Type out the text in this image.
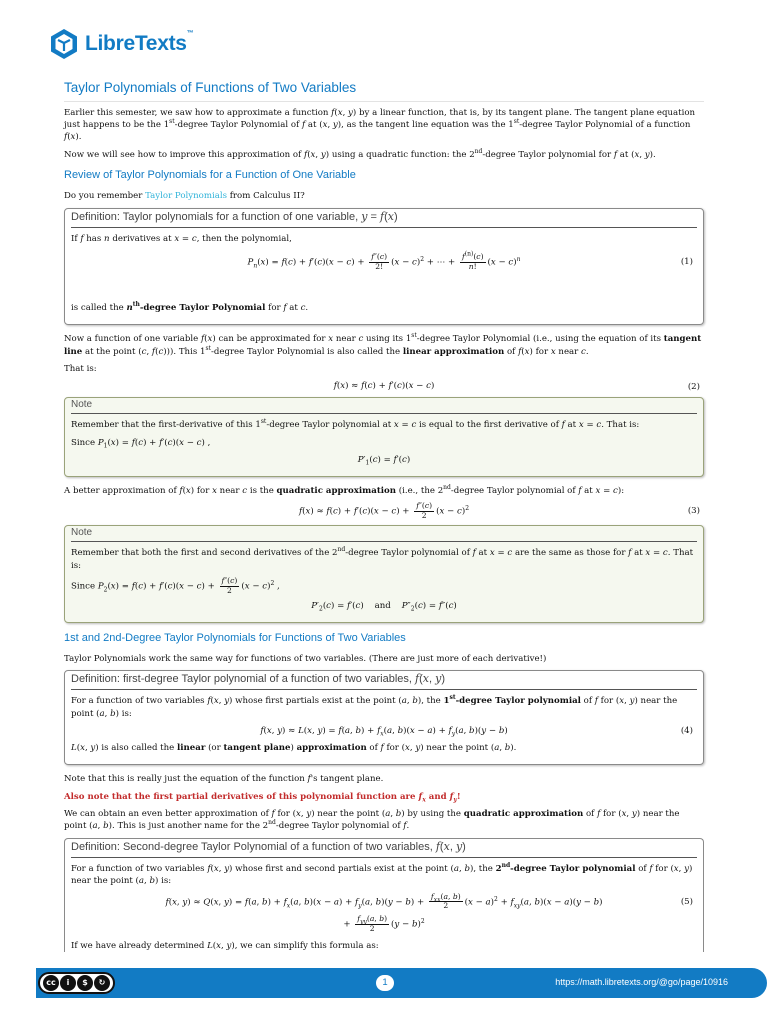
LibreTexts™
Taylor Polynomials of Functions of Two Variables

Earlier this semester, we saw how to approximate a function f(x, y) by a linear function, that is, by its tangent plane. The tangent plane equation just happens to be the 1st-degree Taylor Polynomial of f at (x, y), as the tangent line equation was the 1st-degree Taylor Polynomial of a function f(x).

Now we will see how to improve this approximation of f(x, y) using a quadratic function: the 2nd-degree Taylor polynomial for f at (x, y).

Review of Taylor Polynomials for a Function of One Variable

Do you remember Taylor Polynomials from Calculus II?

Definition: Taylor polynomials for a function of one variable, y = f(x)

If f has n derivatives at x = c, then the polynomial,

$P_n(x) = f(c) + f'(c)(x - c) + \frac{f''(c)}{2!} (x - c)^2$ + ⋯ + $\frac{f^{(n)}(c)}{n!} (x - c)^n$	(1)

is called the $n^{th}$-degree Taylor Polynomial for f at c.

Now a function of one variable f(x) can be approximated for x near c using its 1st-degree Taylor Polynomial (i.e., using the equation of its tangent line at the point (c, f(c))). This 1st-degree Taylor Polynomial is also called the linear approximation of f(x) for x near c.

That is:

f(x) ≈ f(c) + f′(c)(x − c)	(2)
Note

Remember that the first-derivative of this 1st-degree Taylor polynomial at x = c is equal to the first derivative of f at x = c. That is:

Since $P_1(x) = f(c) + f'(c)(x - c)$ ,

$P'_1(c) = f'(c)$

A better approximation of f(x) for x near c is the quadratic approximation (i.e., the 2nd-degree Taylor polynomial of f at x = c):

$f(x) \approx f(c) + f'(c)(x - c) + \frac{f''(c)}{2} (x - c)^2$	(3)
Note

Remember that both the first and second derivatives of the 2nd-degree Taylor polynomial of f at x = c are the same as those for f at x = c. That is:

Since $P_2(x) = f(c) + f'(c)(x - c) + \frac{f''(c)}{2} (x - c)^2$ ,

$P'_2(c) = f'(c)$    and $P''_2(c) = f''(c)$
1st and 2nd-Degree Taylor Polynomials for Functions of Two Variables

Taylor Polynomials work the same way for functions of two variables. (There are just more of each derivative!)

Definition: first-degree Taylor polynomial of a function of two variables, f(x, y)

For a function of two variables f(x, y) whose first partials exist at the point (a, b), the 1st-degree Taylor polynomial of f for (x, y) near the point (a, b) is:

f(x, y) ≈ L(x, y) = f(a, $b) + f_x(a$, $b)(x - a) + f_y(a$, b)(y − b)	(4)

L(x, y) is also called the linear (or tangent plane) approximation of f for (x, y) near the point (a, b).

Note that this is really just the equation of the function f's tangent plane.

Also note that the first partial derivatives of this polynomial function are $f_x$ and $f_y$!

We can obtain an even better approximation of f for (x, y) near the point (a, b) by using the quadratic approximation of f for (x, y) near the point (a, b). This is just another name for the 2nd-degree Taylor polynomial of f.

Definition: Second-degree Taylor Polynomial of a function of two variables, f(x, y)

For a function of two variables f(x, y) whose first and second partials exist at the point (a, b), the 2nd-degree Taylor polynomial of f for (x, y) near the point (a, b) is:

f(x, y) ≈ Q(x, y) = f(a, $b) + f_x(a$, $b)(x - a) + f_y(a$, $b)(y - b) + \frac{f_{xx}(a, b)}{2} (x - a)^2 + f_{xy}(a$, b)(x − a)(y − b)	(5)
+ $\frac{f_{yy}(a, b)}{2} (y - b)^2$

If we have already determined L(x, y), we can simplify this formula as:

cc	i	$	↻	1	https://math.libretexts.org/@go/page/10916
